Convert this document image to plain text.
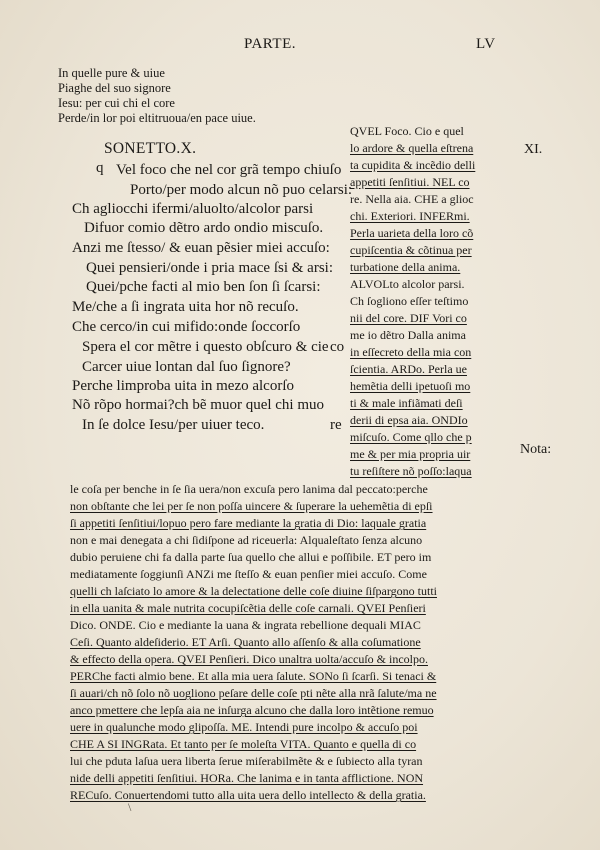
PARTE.	LV
In quelle pure & uiue
Piaghe del suo signore
Iesu: per cui chi el core
Perde/in lor poi eltitruoua/en pace uiue.
SONETTO.X.
q Vel foco che nel cor grã tempo chiuſo
Porto/per modo alcun nõ puo celarsi:
Ch agliocchi ifermi/aluolto/alcolor parsi
Difuor comio dẽtro ardo ondio miscuſo.
Anzi me ſtesso/ & euan pẽsier miei accuſo:
Quei pensieri/onde i pria mace ſsi & arsi:
Quei/pche facti al mio ben ſon ſi ſcarsi:
Me/che a ſi ingrata uita hor nõ recuſo.
Che cerco/in cui mifido:onde ſoccorſo
Spera el cor mẽtre i questo obſcuro & cie
Carcer uiue lontan dal ſuo ſignore?
Perche limproba uita in mezo alcorſo
Nõ rõpo hormai?ch bẽ muor quel chi muo
In ſe dolce Iesu/per uiuer teco.
co
re
QVEL Foco. Cio e quel
lo ardore & quella eſtrena
ta cupidita & incẽdio delli
appetiti ſenſitiui. NEL co
re. Nella aia. CHE a glioc
chi. Exteriori. INFERmi.
Perla uarieta della loro cõ
cupiſcentia & cõtinua per
turbatione della anima.
ALVOLto alcolor parsi.
Ch ſogliono eſſer teſtimo
nii del core. DIF Vori co
me io dẽtro Dalla anima
in eſſecreto della mia con
ſcientia. ARDo. Perla ue
hemẽtia delli ipetuoſi mo
ti & male infiãmati deſi
derii di epsa aia. ONDIo
miſcuſo. Come qllo che p
me & per mia propria uir
tu reſiſtere nõ poſſo:laqua
XI.
Nota:
le coſa per benche in ſe ſia uera/non excuſa pero lanima dal peccato:perche
non obſtante che lei per ſe non poſſa uincere & ſuperare la uehemẽtia di epſi
ſi appetiti ſenſitiui/lopuo pero fare mediante la gratia di Dio: laquale gratia
non e mai denegata a chi ſidiſpone ad riceuerla: Alqualeſtato ſenza alcuno
dubio peruiene chi fa dalla parte ſua quello che allui e poſſibile. ET pero im
mediatamente ſoggiunſi ANZi me ſteſſo & euan penſier miei accuſo. Come
quelli ch laſciato lo amore & la delectatione delle coſe diuine ſiſpargono tutti
in ella uanita & male nutrita cocupiſcẽtia delle coſe carnali. QVEI Penſieri
Dico. ONDE. Cio e mediante la uana & ingrata rebellione dequali MIAC
Ceſi. Quanto aldeſiderio. ET Arſi. Quanto allo aſſenſo & alla coſumatione
& effecto della opera. QVEI Penſieri. Dico unaltra uolta/accuſo & incolpo.
PERChe facti almio bene. Et alla mia uera ſalute. SONo ſi ſcarſi. Si tenaci &
ſi auari/ch nõ ſolo nõ uogliono peſare delle coſe pti nẽte alla nrã ſalute/ma ne
anco pmettere che lepſa aia ne inſurga alcuno che dalla loro intẽtione remuo
uere in qualunche modo glipoſſa. ME. Intendi pure incolpo & accuſo poi
CHE A SI INGRata. Et tanto per ſe moleſta VITA. Quanto e quella di co
lui che pduta laſua uera liberta ſerue miſerabilmẽte & e ſubiecto alla tyran
nide delli appetiti ſenſitiui. HORa. Che lanima e in tanta afflictione. NON
RECuſo. Conuertendomi tutto alla uita uera dello intellecto & della gratia.
\
